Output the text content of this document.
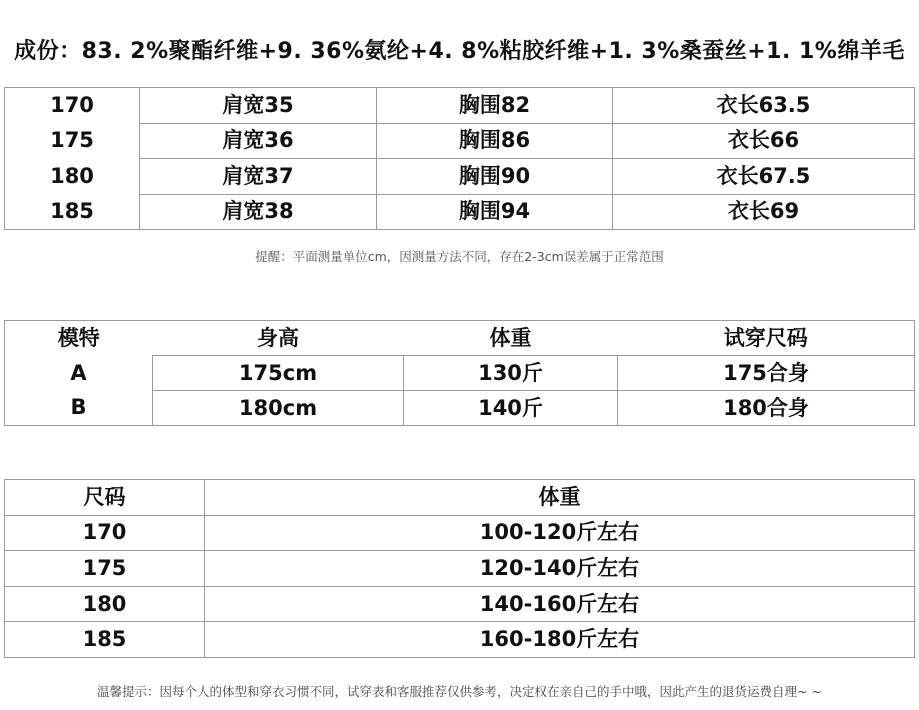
成份：83. 2%聚酯纤维+9. 36%氨纶+4. 8%粘胶纤维+1. 3%桑蚕丝+1. 1%绵羊毛
170	肩宽35	胸围82	衣长63.5
175	肩宽36	胸围86	衣长66
180	肩宽37	胸围90	衣长67.5
185	肩宽38	胸围94	衣长69
提醒：平面测量单位cm，因测量方法不同，存在2-3cm误差属于正常范围
模特	身高	体重	试穿尺码
A	175cm	130斤	175合身
B	180cm	140斤	180合身
尺码	体重
170	100-120斤左右
175	120-140斤左右
180	140-160斤左右
185	160-180斤左右
温馨提示：因每个人的体型和穿衣习惯不同，试穿表和客服推荐仅供参考，决定权在亲自己的手中哦，因此产生的退货运费自理~ ~
